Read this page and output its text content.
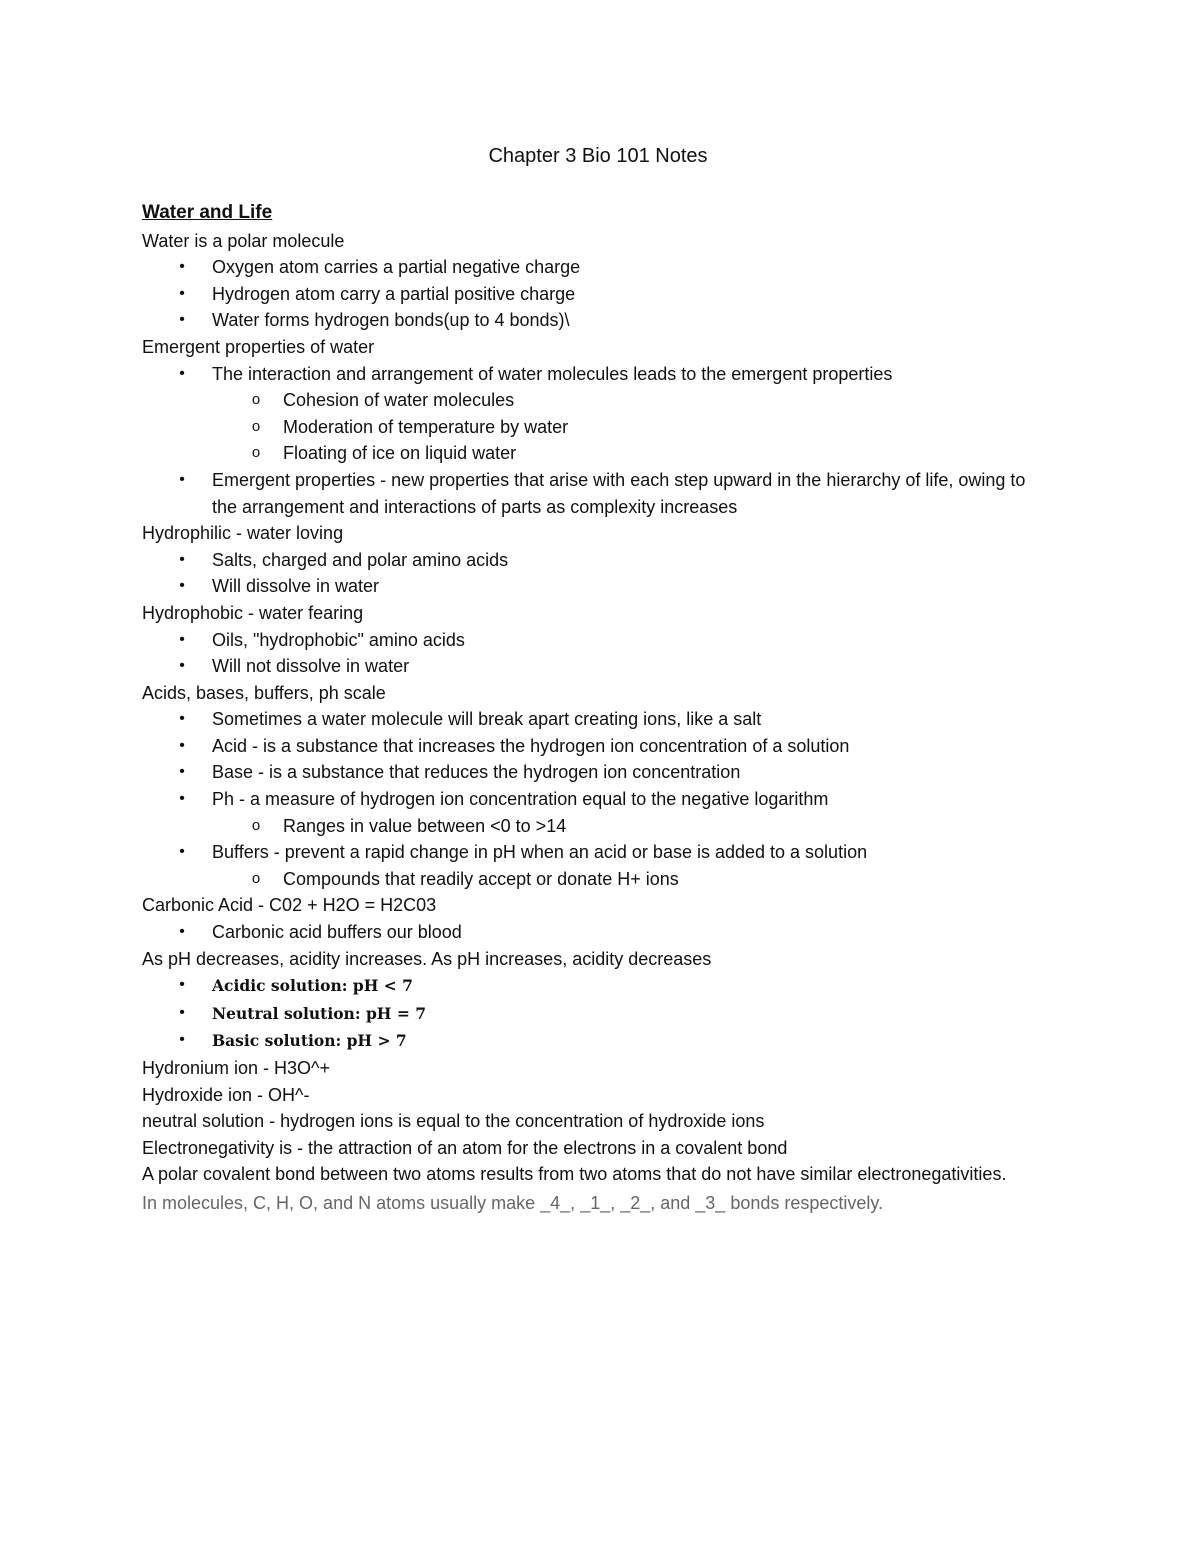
Chapter 3 Bio 101 Notes
Water and Life
Water is a polar molecule
• Oxygen atom carries a partial negative charge
• Hydrogen atom carry a partial positive charge
• Water forms hydrogen bonds(up to 4 bonds)\
Emergent properties of water
• The interaction and arrangement of water molecules leads to the emergent properties
o Cohesion of water molecules
o Moderation of temperature by water
o Floating of ice on liquid water
• Emergent properties - new properties that arise with each step upward in the hierarchy of life, owing to the arrangement and interactions of parts as complexity increases
Hydrophilic - water loving
• Salts, charged and polar amino acids
• Will dissolve in water
Hydrophobic - water fearing
• Oils, "hydrophobic" amino acids
• Will not dissolve in water
Acids, bases, buffers, ph scale
• Sometimes a water molecule will break apart creating ions, like a salt
• Acid - is a substance that increases the hydrogen ion concentration of a solution
• Base - is a substance that reduces the hydrogen ion concentration
• Ph - a measure of hydrogen ion concentration equal to the negative logarithm
o Ranges in value between <0 to >14
• Buffers - prevent a rapid change in pH when an acid or base is added to a solution
o Compounds that readily accept or donate H+ ions
Carbonic Acid - C02 + H2O = H2C03
• Carbonic acid buffers our blood
As pH decreases, acidity increases. As pH increases, acidity decreases
•	Acidic solution: pH < 7
•	Neutral solution: pH = 7
•	Basic solution: pH > 7
Hydronium ion - H3O^+
Hydroxide ion - OH^-
neutral solution - hydrogen ions is equal to the concentration of hydroxide ions
Electronegativity is - the attraction of an atom for the electrons in a covalent bond
A polar covalent bond between two atoms results from two atoms that do not have similar electronegativities.
In molecules, C, H, O, and N atoms usually make _4_, _1_, _2_, and _3_ bonds respectively.
